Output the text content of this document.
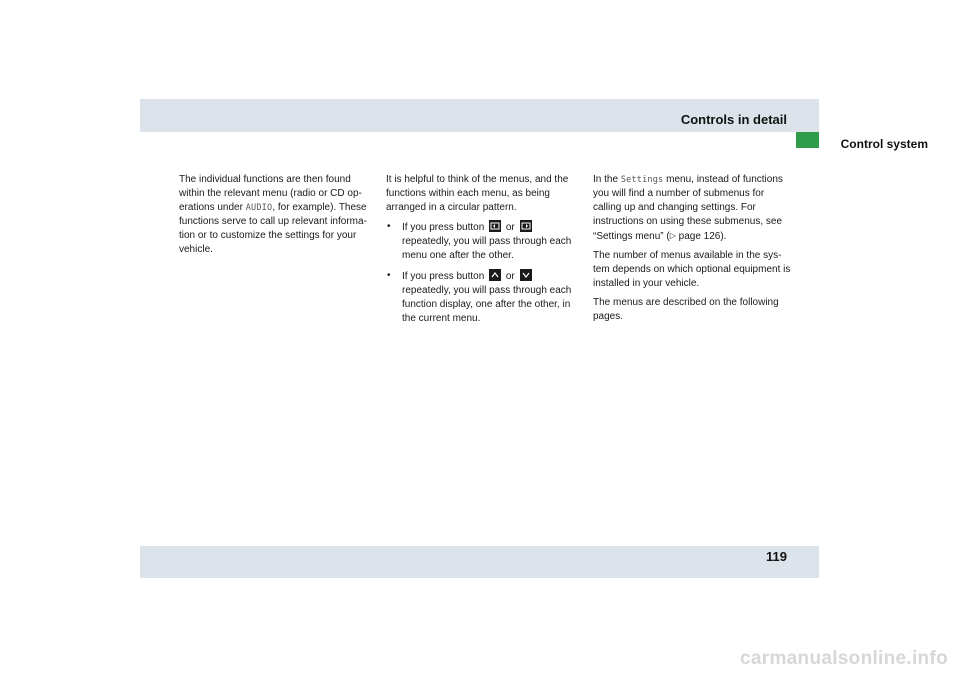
Controls in detail
Control system

The individual functions are then found within the relevant menu (radio or CD op-erations under AUDIO, for example). These functions serve to call up relevant informa-tion or to customize the settings for your vehicle.

It is helpful to think of the menus, and the functions within each menu, as being arranged in a circular pattern.

• If you press button
or
repeatedly, you will pass through each menu one after the other.
• If you press button
or
repeatedly, you will pass through each function display, one after the other, in the current menu.

In the Settings menu, instead of functions you will find a number of submenus for calling up and changing settings. For instructions on using these submenus, see “Settings menu” (▷ page 126).

The number of menus available in the sys-tem depends on which optional equipment is installed in your vehicle.

The menus are described on the following pages.

119
carmanualsonline.info
